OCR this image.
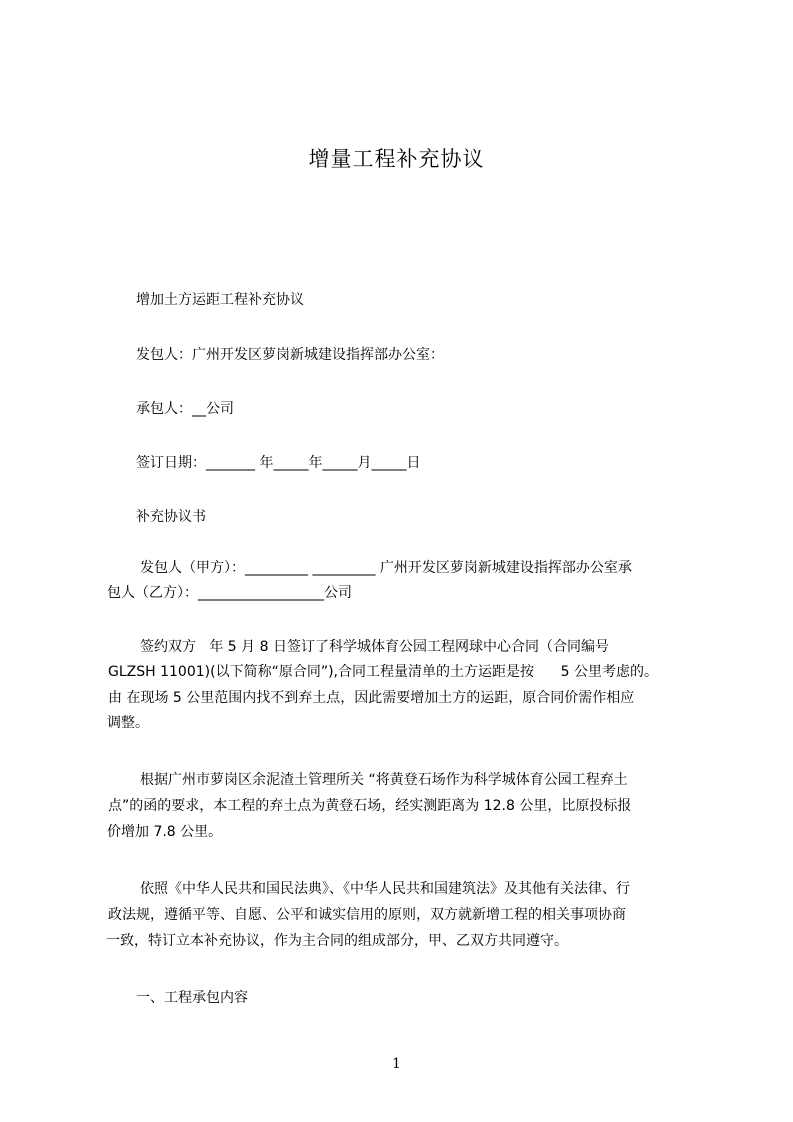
增量工程补充协议
增加土方运距工程补充协议
发包人：广州开发区萝岗新城建设指挥部办公室：
承包人：__公司
签订日期：_______ 年_____年_____月_____日
补充协议书
发包人（甲方）：_________ _________ 广州开发区萝岗新城建设指挥部办公室承
包人（乙方）：__________________公司
签约双方   年 5 月 8 日签订了科学城体育公园工程网球中心合同（合同编号
GLZSH 11001)(以下简称“原合同”),合同工程量清单的土方运距是按      5 公里考虑的。
由 在现场 5 公里范围内找不到弃土点，因此需要增加土方的运距，原合同价需作相应
调整。
根据广州市萝岗区余泥渣土管理所关 “将黄登石场作为科学城体育公园工程弃土
点”的函的要求，本工程的弃土点为黄登石场，经实测距离为 12.8 公里，比原投标报
价增加 7.8 公里。
依照《中华人民共和国民法典》、《中华人民共和国建筑法》及其他有关法律、行
政法规，遵循平等、自愿、公平和诚实信用的原则，双方就新增工程的相关事项协商
一致，特订立本补充协议，作为主合同的组成部分，甲、乙双方共同遵守。
一、工程承包内容
1
